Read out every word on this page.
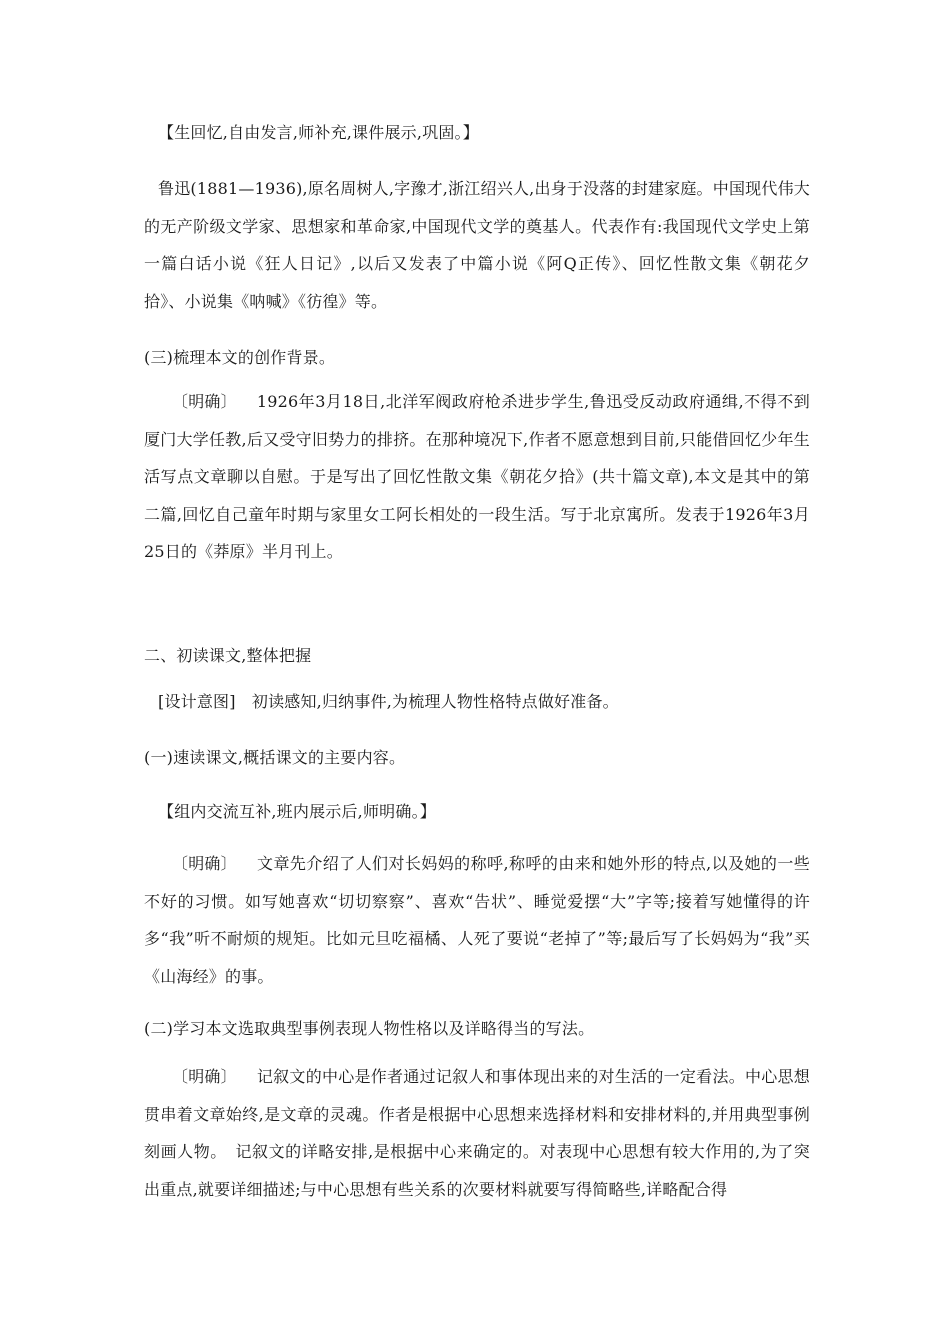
【生回忆,自由发言,师补充,课件展示,巩固。】

鲁迅(1881—1936),原名周树人,字豫才,浙江绍兴人,出身于没落的封建家庭。中国现代伟大的无产阶级文学家、思想家和革命家,中国现代文学的奠基人。代表作有:我国现代文学史上第一篇白话小说《狂人日记》,以后又发表了中篇小说《阿Q正传》、回忆性散文集《朝花夕拾》、小说集《呐喊》《彷徨》等。

(三)梳理本文的创作背景。

〔明确〕 1926年3月18日,北洋军阀政府枪杀进步学生,鲁迅受反动政府通缉,不得不到厦门大学任教,后又受守旧势力的排挤。在那种境况下,作者不愿意想到目前,只能借回忆少年生活写点文章聊以自慰。于是写出了回忆性散文集《朝花夕拾》(共十篇文章),本文是其中的第二篇,回忆自己童年时期与家里女工阿长相处的一段生活。写于北京寓所。发表于1926年3月25日的《莽原》半月刊上。

二、初读课文,整体把握

[设计意图]　初读感知,归纳事件,为梳理人物性格特点做好准备。

(一)速读课文,概括课文的主要内容。

【组内交流互补,班内展示后,师明确。】

〔明确〕 文章先介绍了人们对长妈妈的称呼,称呼的由来和她外形的特点,以及她的一些不好的习惯。如写她喜欢“切切察察”、喜欢“告状”、睡觉爱摆“大”字等;接着写她懂得的许多“我”听不耐烦的规矩。比如元旦吃福橘、人死了要说“老掉了”等;最后写了长妈妈为“我”买《山海经》的事。

(二)学习本文选取典型事例表现人物性格以及详略得当的写法。

〔明确〕 记叙文的中心是作者通过记叙人和事体现出来的对生活的一定看法。中心思想贯串着文章始终,是文章的灵魂。作者是根据中心思想来选择材料和安排材料的,并用典型事例刻画人物。　记叙文的详略安排,是根据中心来确定的。对表现中心思想有较大作用的,为了突出重点,就要详细描述;与中心思想有些关系的次要材料就要写得简略些,详略配合得
